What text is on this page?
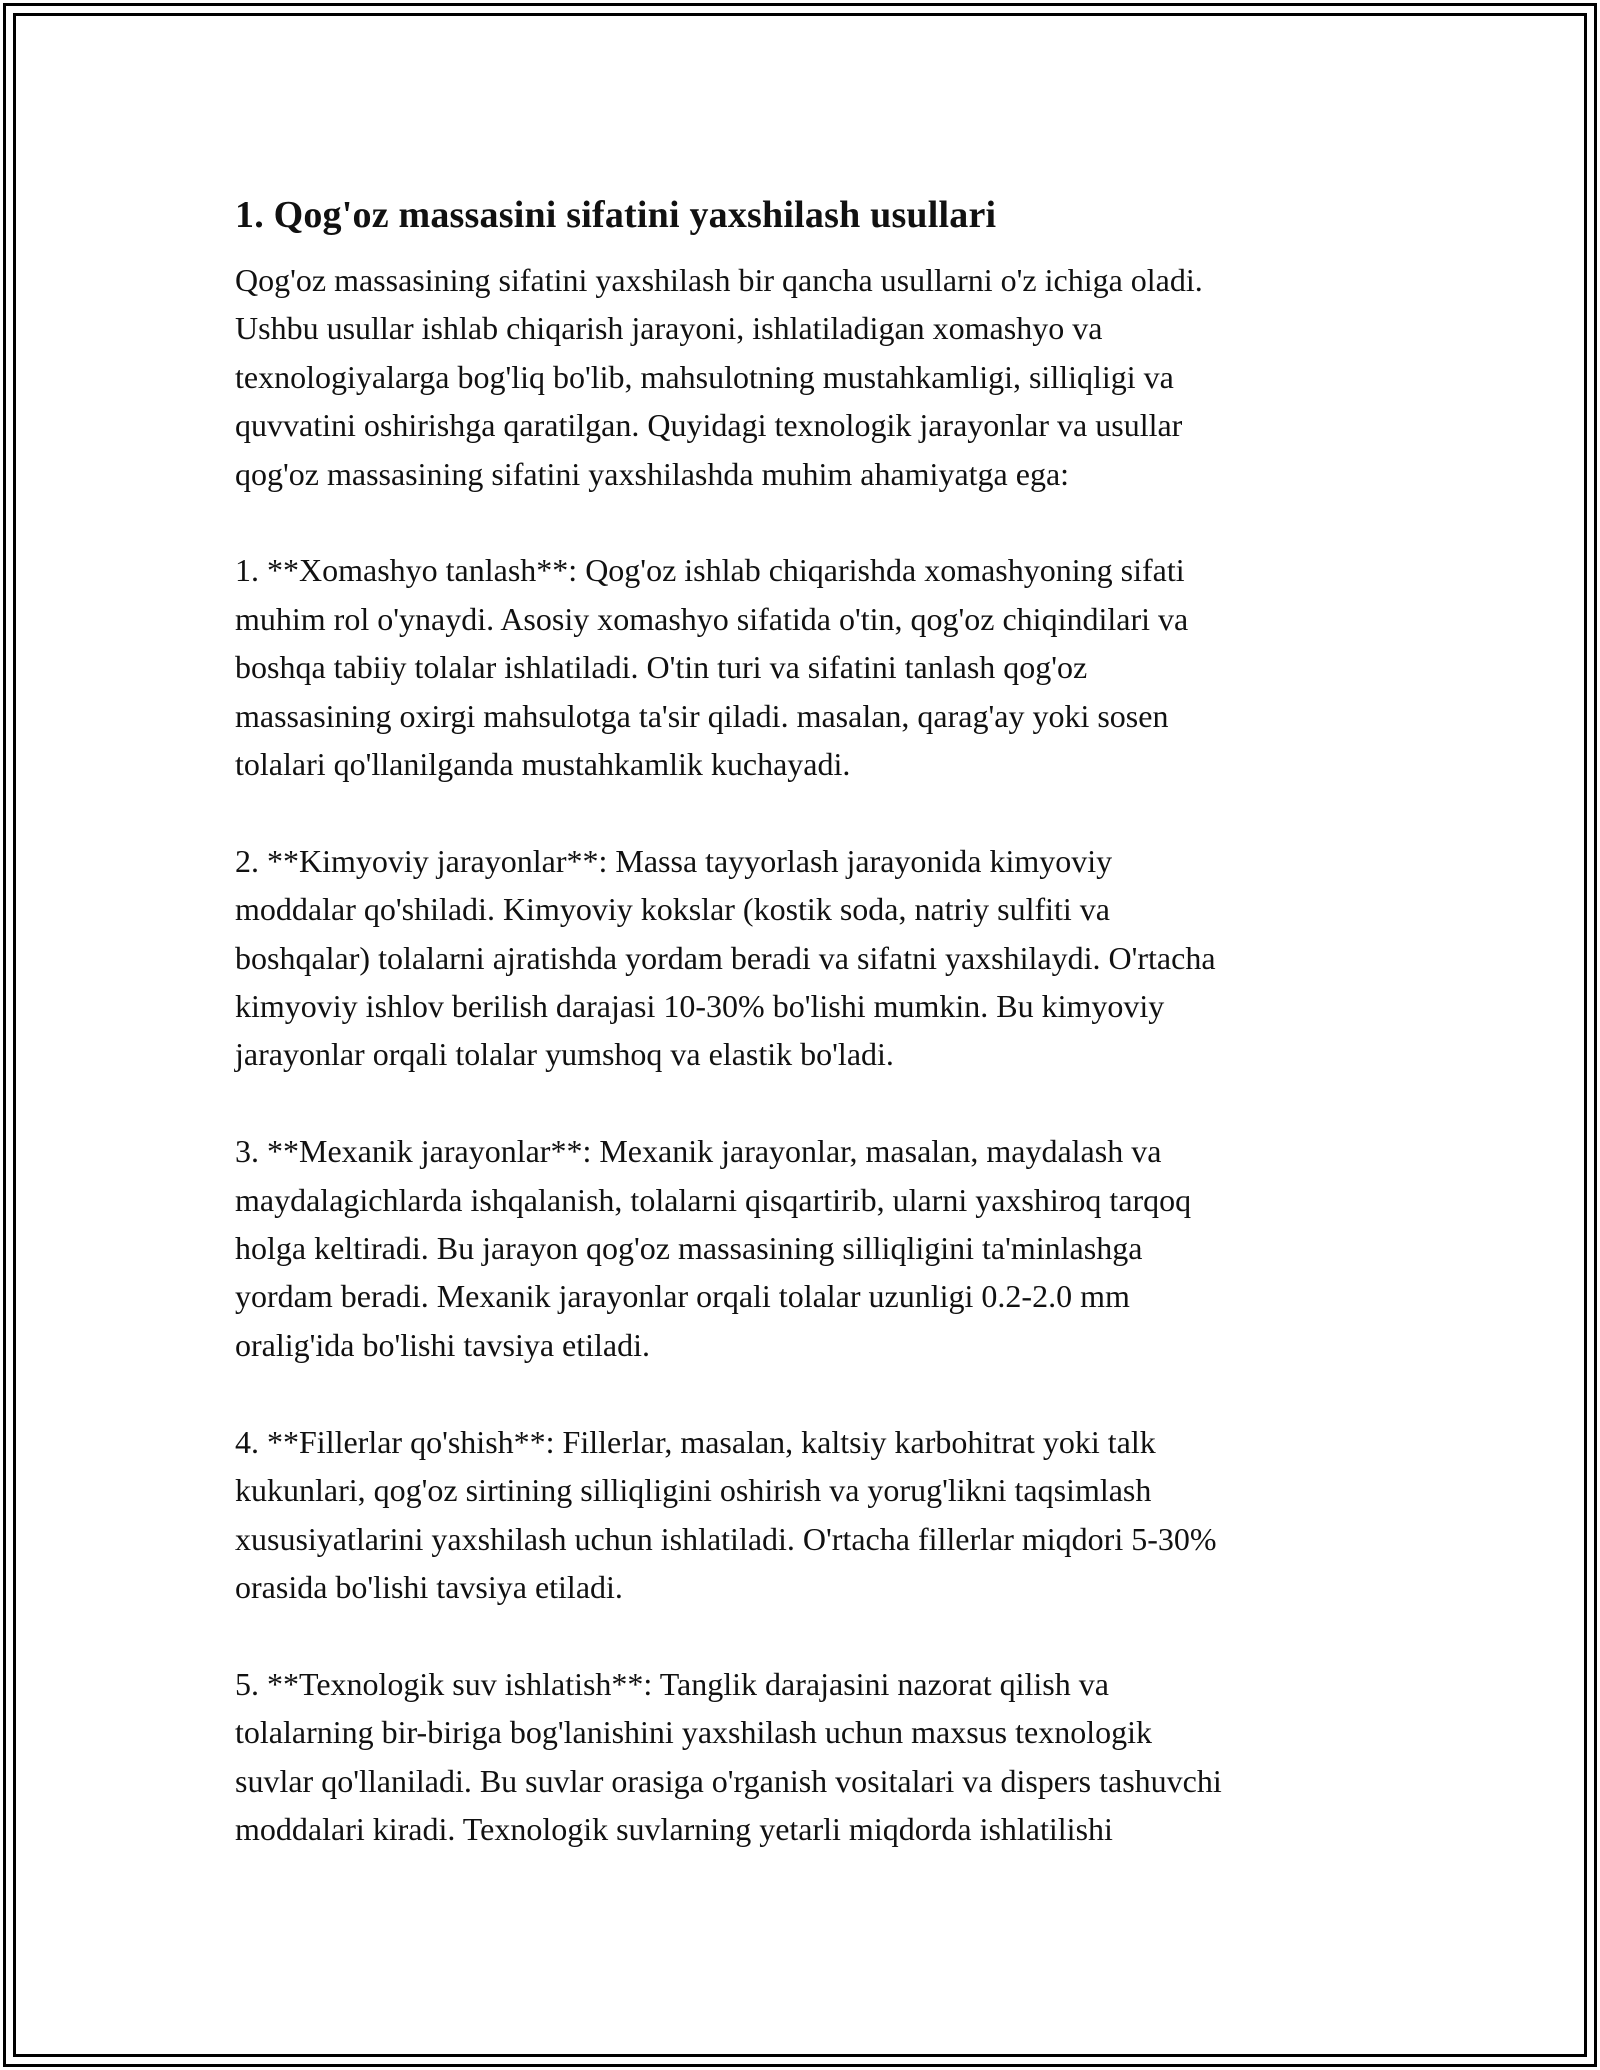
1. Qog'oz massasini sifatini yaxshilash usullari

Qog'oz massasining sifatini yaxshilash bir qancha usullarni o'z ichiga oladi.
Ushbu usullar ishlab chiqarish jarayoni, ishlatiladigan xomashyo va
texnologiyalarga bog'liq bo'lib, mahsulotning mustahkamligi, silliqligi va
quvvatini oshirishga qaratilgan. Quyidagi texnologik jarayonlar va usullar
qog'oz massasining sifatini yaxshilashda muhim ahamiyatga ega:

1. **Xomashyo tanlash**: Qog'oz ishlab chiqarishda xomashyoning sifati
muhim rol o'ynaydi. Asosiy xomashyo sifatida o'tin, qog'oz chiqindilari va
boshqa tabiiy tolalar ishlatiladi. O'tin turi va sifatini tanlash qog'oz
massasining oxirgi mahsulotga ta'sir qiladi. masalan, qarag'ay yoki sosen
tolalari qo'llanilganda mustahkamlik kuchayadi.

2. **Kimyoviy jarayonlar**: Massa tayyorlash jarayonida kimyoviy
moddalar qo'shiladi. Kimyoviy kokslar (kostik soda, natriy sulfiti va
boshqalar) tolalarni ajratishda yordam beradi va sifatni yaxshilaydi. O'rtacha
kimyoviy ishlov berilish darajasi 10-30% bo'lishi mumkin. Bu kimyoviy
jarayonlar orqali tolalar yumshoq va elastik bo'ladi.

3. **Mexanik jarayonlar**: Mexanik jarayonlar, masalan, maydalash va
maydalagichlarda ishqalanish, tolalarni qisqartirib, ularni yaxshiroq tarqoq
holga keltiradi. Bu jarayon qog'oz massasining silliqligini ta'minlashga
yordam beradi. Mexanik jarayonlar orqali tolalar uzunligi 0.2-2.0 mm
oralig'ida bo'lishi tavsiya etiladi.

4. **Fillerlar qo'shish**: Fillerlar, masalan, kaltsiy karbohitrat yoki talk
kukunlari, qog'oz sirtining silliqligini oshirish va yorug'likni taqsimlash
xususiyatlarini yaxshilash uchun ishlatiladi. O'rtacha fillerlar miqdori 5-30%
orasida bo'lishi tavsiya etiladi.

5. **Texnologik suv ishlatish**: Tanglik darajasini nazorat qilish va
tolalarning bir-biriga bog'lanishini yaxshilash uchun maxsus texnologik
suvlar qo'llaniladi. Bu suvlar orasiga o'rganish vositalari va dispers tashuvchi
moddalari kiradi. Texnologik suvlarning yetarli miqdorda ishlatilishi
